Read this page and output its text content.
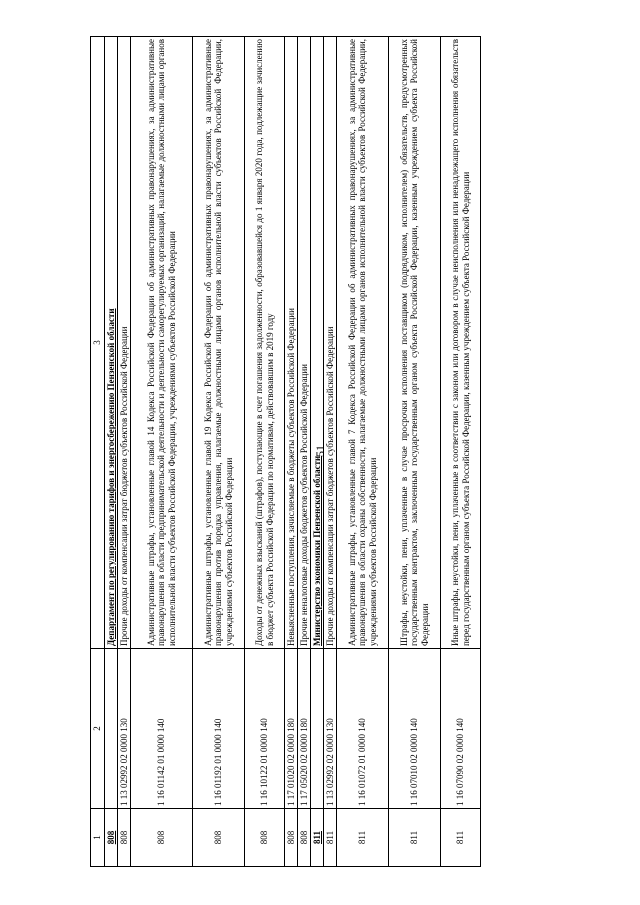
51
1	2	3
808		Департамент по регулированию тарифов и энергосбережению Пензенской области
808	1 13 02992 02 0000 130	Прочие доходы от компенсации затрат бюджетов субъектов Российской Федерации
808	1 16 01142 01 0000 140	Административные штрафы, установленные главой 14 Кодекса Российской Федерации об административных правонарушениях, за административные правонарушения в области предпринимательской деятельности и деятельности саморегулируемых организаций, налагаемые должностными лицами органов исполнительной власти субъектов Российской Федерации, учреждениями субъектов Российской Федерации
808	1 16 01192 01 0000 140	Административные штрафы, установленные главой 19 Кодекса Российской Федерации об административных правонарушениях, за административные правонарушения против порядка управления, налагаемые должностными лицами органов исполнительной власти субъектов Российской Федерации, учреждениями субъектов Российской Федерации
808	1 16 10122 01 0000 140	Доходы от денежных взысканий (штрафов), поступающие в счет погашения задолженности, образовавшейся до 1 января 2020 года, подлежащие зачислению в бюджет субъекта Российской Федерации по нормативам, действовавшим в 2019 году
808	1 17 01020 02 0000 180	Невыясненные поступления, зачисляемые в бюджеты субъектов Российской Федерации
808	1 17 05020 02 0000 180	Прочие неналоговые доходы бюджетов субъектов Российской Федерации
811		Министерство экономики Пензенской области
811	1 13 02992 02 0000 130	Прочие доходы от компенсации затрат бюджетов субъектов Российской Федерации
811	1 16 01072 01 0000 140	Административные штрафы, установленные главой 7 Кодекса Российской Федерации об административных правонарушениях, за административные правонарушения в области охраны собственности, налагаемые должностными лицами органов исполнительной власти субъектов Российской Федерации, учреждениями субъектов Российской Федерации
811	1 16 07010 02 0000 140	Штрафы, неустойки, пени, уплаченные в случае просрочки исполнения поставщиком (подрядчиком, исполнителем) обязательств, предусмотренных государственным контрактом, заключенным государственным органом субъекта Российской Федерации, казенным учреждением субъекта Российской Федерации
811	1 16 07090 02 0000 140	Иные штрафы, неустойки, пени, уплаченные в соответствии с законом или договором в случае неисполнения или ненадлежащего исполнения обязательств перед государственным органом субъекта Российской Федерации, казенным учреждением субъекта Российской Федерации
